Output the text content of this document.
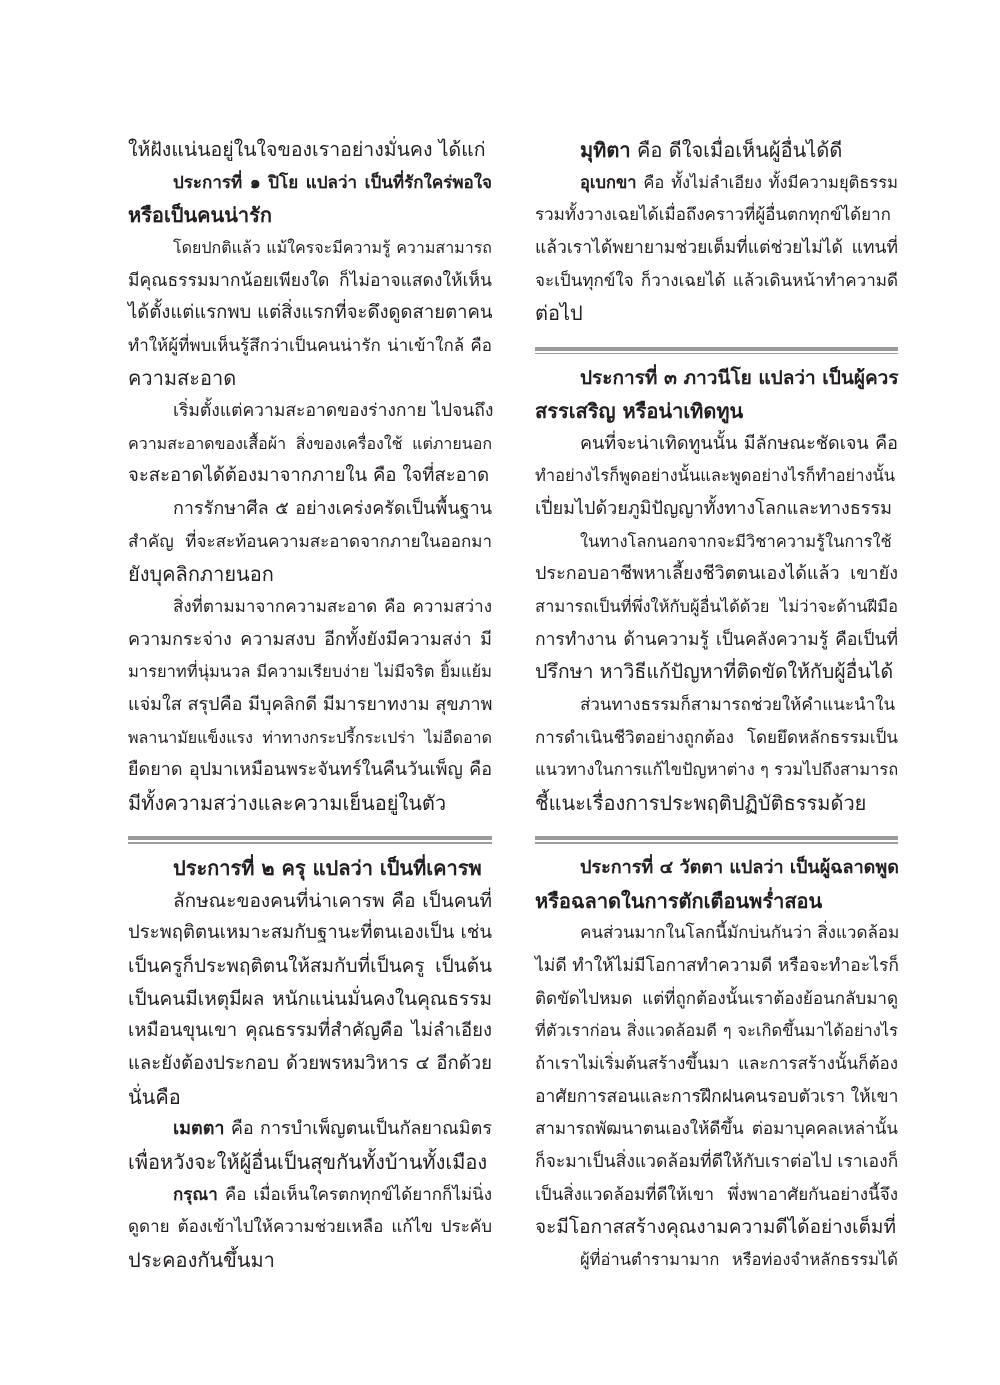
ให้ฝังแน่นอยู่ในใจของเราอย่างมั่นคง ได้แก่
ประการที่ ๑ ปิโย แปลว่า เป็นที่รักใคร่พอใจ
หรือเป็นคนน่ารัก
โดยปกติแล้ว แม้ใครจะมีความรู้ ความสามารถ
มีคุณธรรมมากน้อยเพียงใด ก็ไม่อาจแสดงให้เห็น
ได้ตั้งแต่แรกพบ แต่สิ่งแรกที่จะดึงดูดสายตาคน
ทำให้ผู้ที่พบเห็นรู้สึกว่าเป็นคนน่ารัก น่าเข้าใกล้ คือ
ความสะอาด
เริ่มตั้งแต่ความสะอาดของร่างกาย ไปจนถึง
ความสะอาดของเสื้อผ้า สิ่งของเครื่องใช้ แต่ภายนอก
จะสะอาดได้ต้องมาจากภายใน คือ ใจที่สะอาด
การรักษาศีล ๕ อย่างเคร่งครัดเป็นพื้นฐาน
สำคัญ ที่จะสะท้อนความสะอาดจากภายในออกมา
ยังบุคลิกภายนอก
สิ่งที่ตามมาจากความสะอาด คือ ความสว่าง
ความกระจ่าง ความสงบ อีกทั้งยังมีความสง่า มี
มารยาทที่นุ่มนวล มีความเรียบง่าย ไม่มีจริต ยิ้มแย้ม
แจ่มใส สรุปคือ มีบุคลิกดี มีมารยาทงาม สุขภาพ
พลานามัยแข็งแรง ท่าทางกระปรี้กระเปร่า ไม่อืดอาด
ยืดยาด อุปมาเหมือนพระจันทร์ในคืนวันเพ็ญ คือ
มีทั้งความสว่างและความเย็นอยู่ในตัว
ประการที่ ๒ ครุ แปลว่า เป็นที่เคารพ
ลักษณะของคนที่น่าเคารพ คือ เป็นคนที่
ประพฤติตนเหมาะสมกับฐานะที่ตนเองเป็น เช่น
เป็นครูก็ประพฤติตนให้สมกับที่เป็นครู เป็นต้น
เป็นคนมีเหตุมีผล หนักแน่นมั่นคงในคุณธรรม
เหมือนขุนเขา คุณธรรมที่สำคัญคือ ไม่ลำเอียง
และยังต้องประกอบ ด้วยพรหมวิหาร ๔ อีกด้วย
นั่นคือ
เมตตา คือ การบำเพ็ญตนเป็นกัลยาณมิตร
เพื่อหวังจะให้ผู้อื่นเป็นสุขกันทั้งบ้านทั้งเมือง
กรุณา คือ เมื่อเห็นใครตกทุกข์ได้ยากก็ไม่นิ่ง
ดูดาย ต้องเข้าไปให้ความช่วยเหลือ แก้ไข ประคับ
ประคองกันขึ้นมา
มุทิตา คือ ดีใจเมื่อเห็นผู้อื่นได้ดี
อุเบกขา คือ ทั้งไม่ลำเอียง ทั้งมีความยุติธรรม
รวมทั้งวางเฉยได้เมื่อถึงคราวที่ผู้อื่นตกทุกข์ได้ยาก
แล้วเราได้พยายามช่วยเต็มที่แต่ช่วยไม่ได้ แทนที่
จะเป็นทุกข์ใจ ก็วางเฉยได้ แล้วเดินหน้าทำความดี
ต่อไป
ประการที่ ๓ ภาวนีโย แปลว่า เป็นผู้ควร
สรรเสริญ หรือน่าเทิดทูน
คนที่จะน่าเทิดทูนนั้น มีลักษณะชัดเจน คือ
ทำอย่างไรก็พูดอย่างนั้นและพูดอย่างไรก็ทำอย่างนั้น
เปี่ยมไปด้วยภูมิปัญญาทั้งทางโลกและทางธรรม
ในทางโลกนอกจากจะมีวิชาความรู้ในการใช้
ประกอบอาชีพหาเลี้ยงชีวิตตนเองได้แล้ว เขายัง
สามารถเป็นที่พึ่งให้กับผู้อื่นได้ด้วย ไม่ว่าจะด้านฝีมือ
การทำงาน ด้านความรู้ เป็นคลังความรู้ คือเป็นที่
ปรึกษา หาวิธีแก้ปัญหาที่ติดขัดให้กับผู้อื่นได้
ส่วนทางธรรมก็สามารถช่วยให้คำแนะนำใน
การดำเนินชีวิตอย่างถูกต้อง โดยยึดหลักธรรมเป็น
แนวทางในการแก้ไขปัญหาต่าง ๆ รวมไปถึงสามารถ
ชี้แนะเรื่องการประพฤติปฏิบัติธรรมด้วย
ประการที่ ๔ วัตตา แปลว่า เป็นผู้ฉลาดพูด
หรือฉลาดในการตักเตือนพร่ำสอน
คนส่วนมากในโลกนี้มักบ่นกันว่า สิ่งแวดล้อม
ไม่ดี ทำให้ไม่มีโอกาสทำความดี หรือจะทำอะไรก็
ติดขัดไปหมด แต่ที่ถูกต้องนั้นเราต้องย้อนกลับมาดู
ที่ตัวเราก่อน สิ่งแวดล้อมดี ๆ จะเกิดขึ้นมาได้อย่างไร
ถ้าเราไม่เริ่มต้นสร้างขึ้นมา และการสร้างนั้นก็ต้อง
อาศัยการสอนและการฝึกฝนคนรอบตัวเรา ให้เขา
สามารถพัฒนาตนเองให้ดีขึ้น ต่อมาบุคคลเหล่านั้น
ก็จะมาเป็นสิ่งแวดล้อมที่ดีให้กับเราต่อไป เราเองก็
เป็นสิ่งแวดล้อมที่ดีให้เขา พึ่งพาอาศัยกันอย่างนี้จึง
จะมีโอกาสสร้างคุณงามความดีได้อย่างเต็มที่
ผู้ที่อ่านตำรามามาก หรือท่องจำหลักธรรมได้
